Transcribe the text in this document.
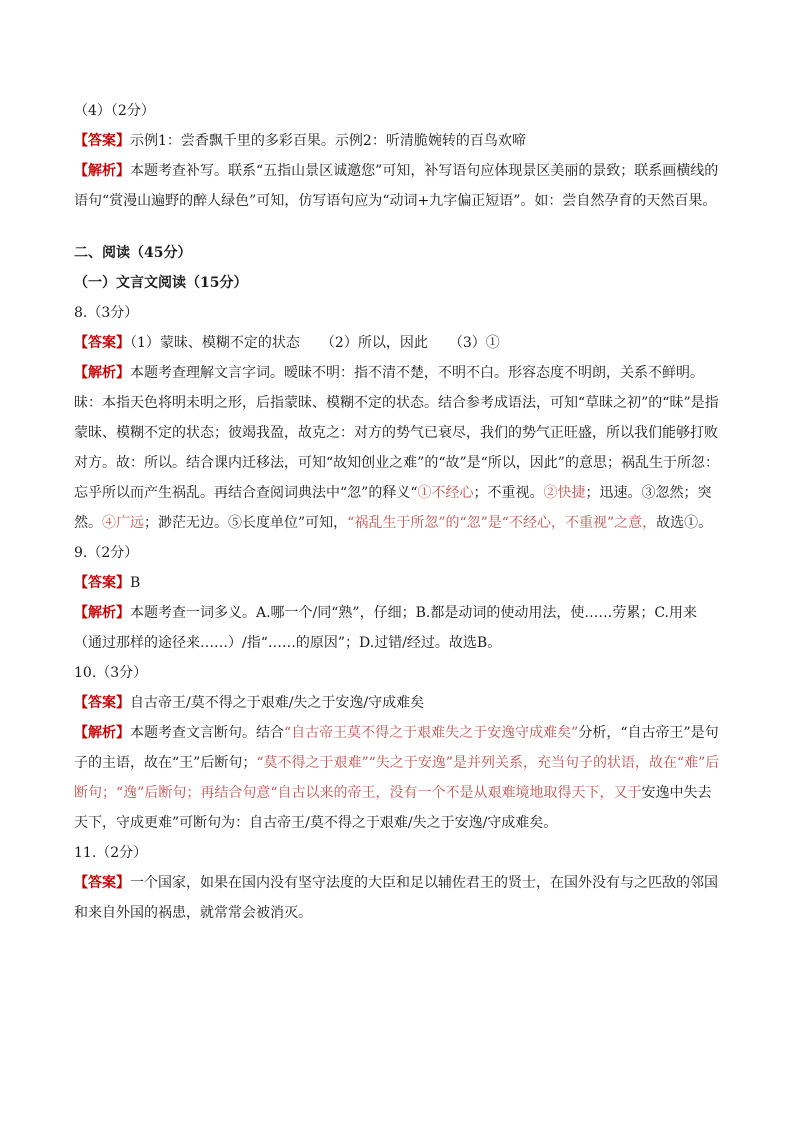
（4）（2分）

【答案】示例1：尝香飘千里的多彩百果。示例2：听清脆婉转的百鸟欢啼

【解析】本题考查补写。联系“五指山景区诚邀您”可知，补写语句应体现景区美丽的景致；联系画横线的语句“赏漫山遍野的醉人绿色”可知，仿写语句应为“动词+九字偏正短语”。如：尝自然孕育的天然百果。

二、阅读（45分）
（一）文言文阅读（15分）
8.（3分）

【答案】（1）蒙昧、模糊不定的状态　　（2）所以，因此　　（3）①

【解析】本题考查理解文言字词。暧昧不明：指不清不楚，不明不白。形容态度不明朗，关系不鲜明。昧：本指天色将明未明之形，后指蒙昧、模糊不定的状态。结合参考成语法，可知“草昧之初”的“昧”是指蒙昧、模糊不定的状态；彼竭我盈，故克之：对方的势气已衰尽，我们的势气正旺盛，所以我们能够打败对方。故：所以。结合课内迁移法，可知“故知创业之难”的“故”是“所以，因此”的意思；祸乱生于所忽：忘乎所以而产生祸乱。再结合查阅词典法中“忽”的释义“①不经心；不重视。②快捷；迅速。③忽然；突然。④广远；渺茫无边。⑤长度单位”可知，“祸乱生于所忽”的“忽”是“不经心，不重视”之意，故选①。

9.（2分）

【答案】B

【解析】本题考查一词多义。A.哪一个/同“熟”，仔细；B.都是动词的使动用法，使……劳累；C.用来（通过那样的途径来……）/指“……的原因”；D.过错/经过。故选B。

10.（3分）

【答案】自古帝王/莫不得之于艰难/失之于安逸/守成难矣

【解析】本题考查文言断句。结合“自古帝王莫不得之于艰难失之于安逸守成难矣”分析，“自古帝王”是句子的主语，故在“王”后断句；“莫不得之于艰难”“失之于安逸”是并列关系，充当句子的状语，故在“难”后断句；“逸”后断句；再结合句意“自古以来的帝王，没有一个不是从艰难境地取得天下，又于安逸中失去天下，守成更难”可断句为：自古帝王/莫不得之于艰难/失之于安逸/守成难矣。

11.（2分）

【答案】一个国家，如果在国内没有坚守法度的大臣和足以辅佐君王的贤士，在国外没有与之匹敌的邻国和来自外国的祸患，就常常会被消灭。
